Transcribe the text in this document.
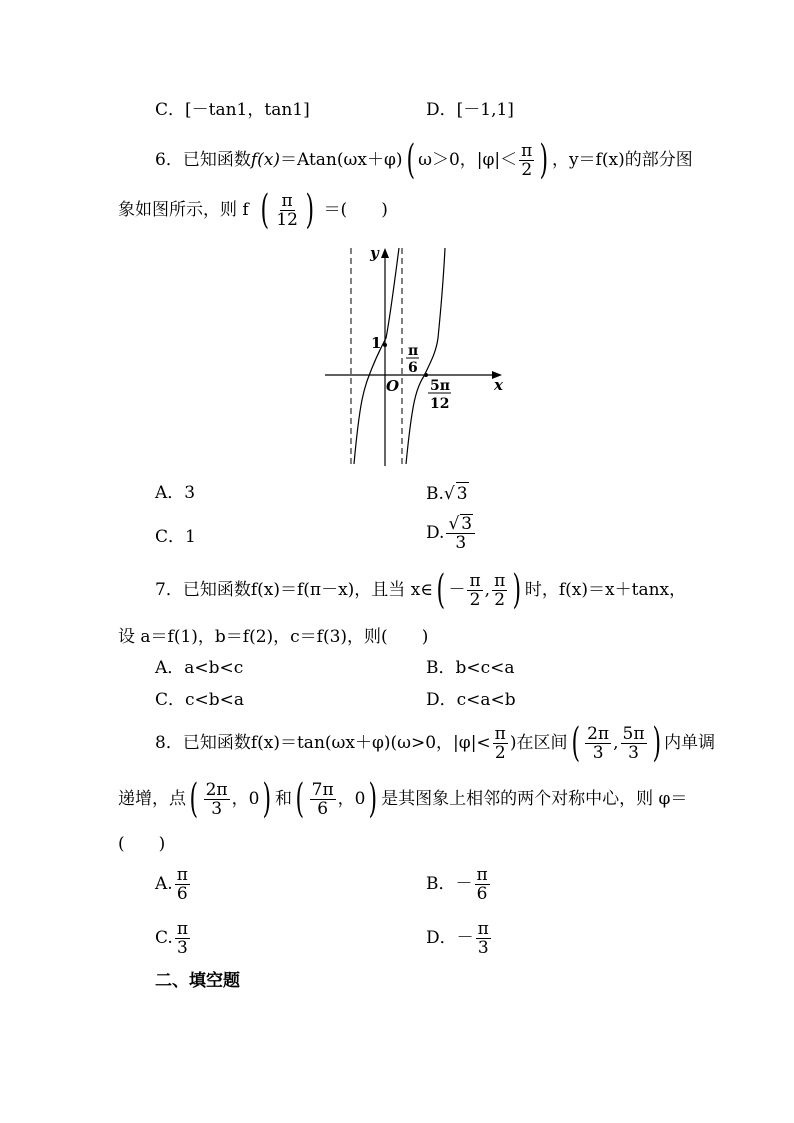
C．[－tan1，tan1]	D．[－1,1]
6．已知函数 f(x) ＝Atan(ωx＋φ) ( ω＞0，$|\varphi|< \frac{\pi}{2}$ ) ，y＝f(x)的部分图
象如图所示，则 f ( $\frac{\pi}{12}$ ) ＝(　　)
y
x
O
1 π
6
5π
12
A．3	B.√ 3
C．1	D. $\frac{√ 3}{3}$
7．已知函数 f(x)＝f(π－x)，且当 x∈ ( － $\frac{\pi}{2}$ , $\frac{\pi}{2}$ ) 时，f(x)＝x＋tanx，
设 a＝f(1)，b＝f(2)，c＝f(3)，则(　　)
A．a<b<c	B．b<c<a
C．c<b<a	D．c<a<b
8．已知函数 f(x)＝tan(ωx＋φ)(ω>0，$|\varphi|< \frac{\pi}{2}$ )在区间 ( $\frac{2\pi}{3}$ , $\frac{5\pi}{3}$ ) 内单调
递增，点 ( $\frac{2\pi}{3}$ ， 0 ) 和 ( $\frac{7\pi}{6}$ ， 0 ) 是其图象上相邻的两个对称中心，则 φ＝
(　　)
A. $\frac{\pi}{6}$	B．－ $\frac{\pi}{6}$
C. $\frac{\pi}{3}$	D．－ $\frac{\pi}{3}$
二、填空题
